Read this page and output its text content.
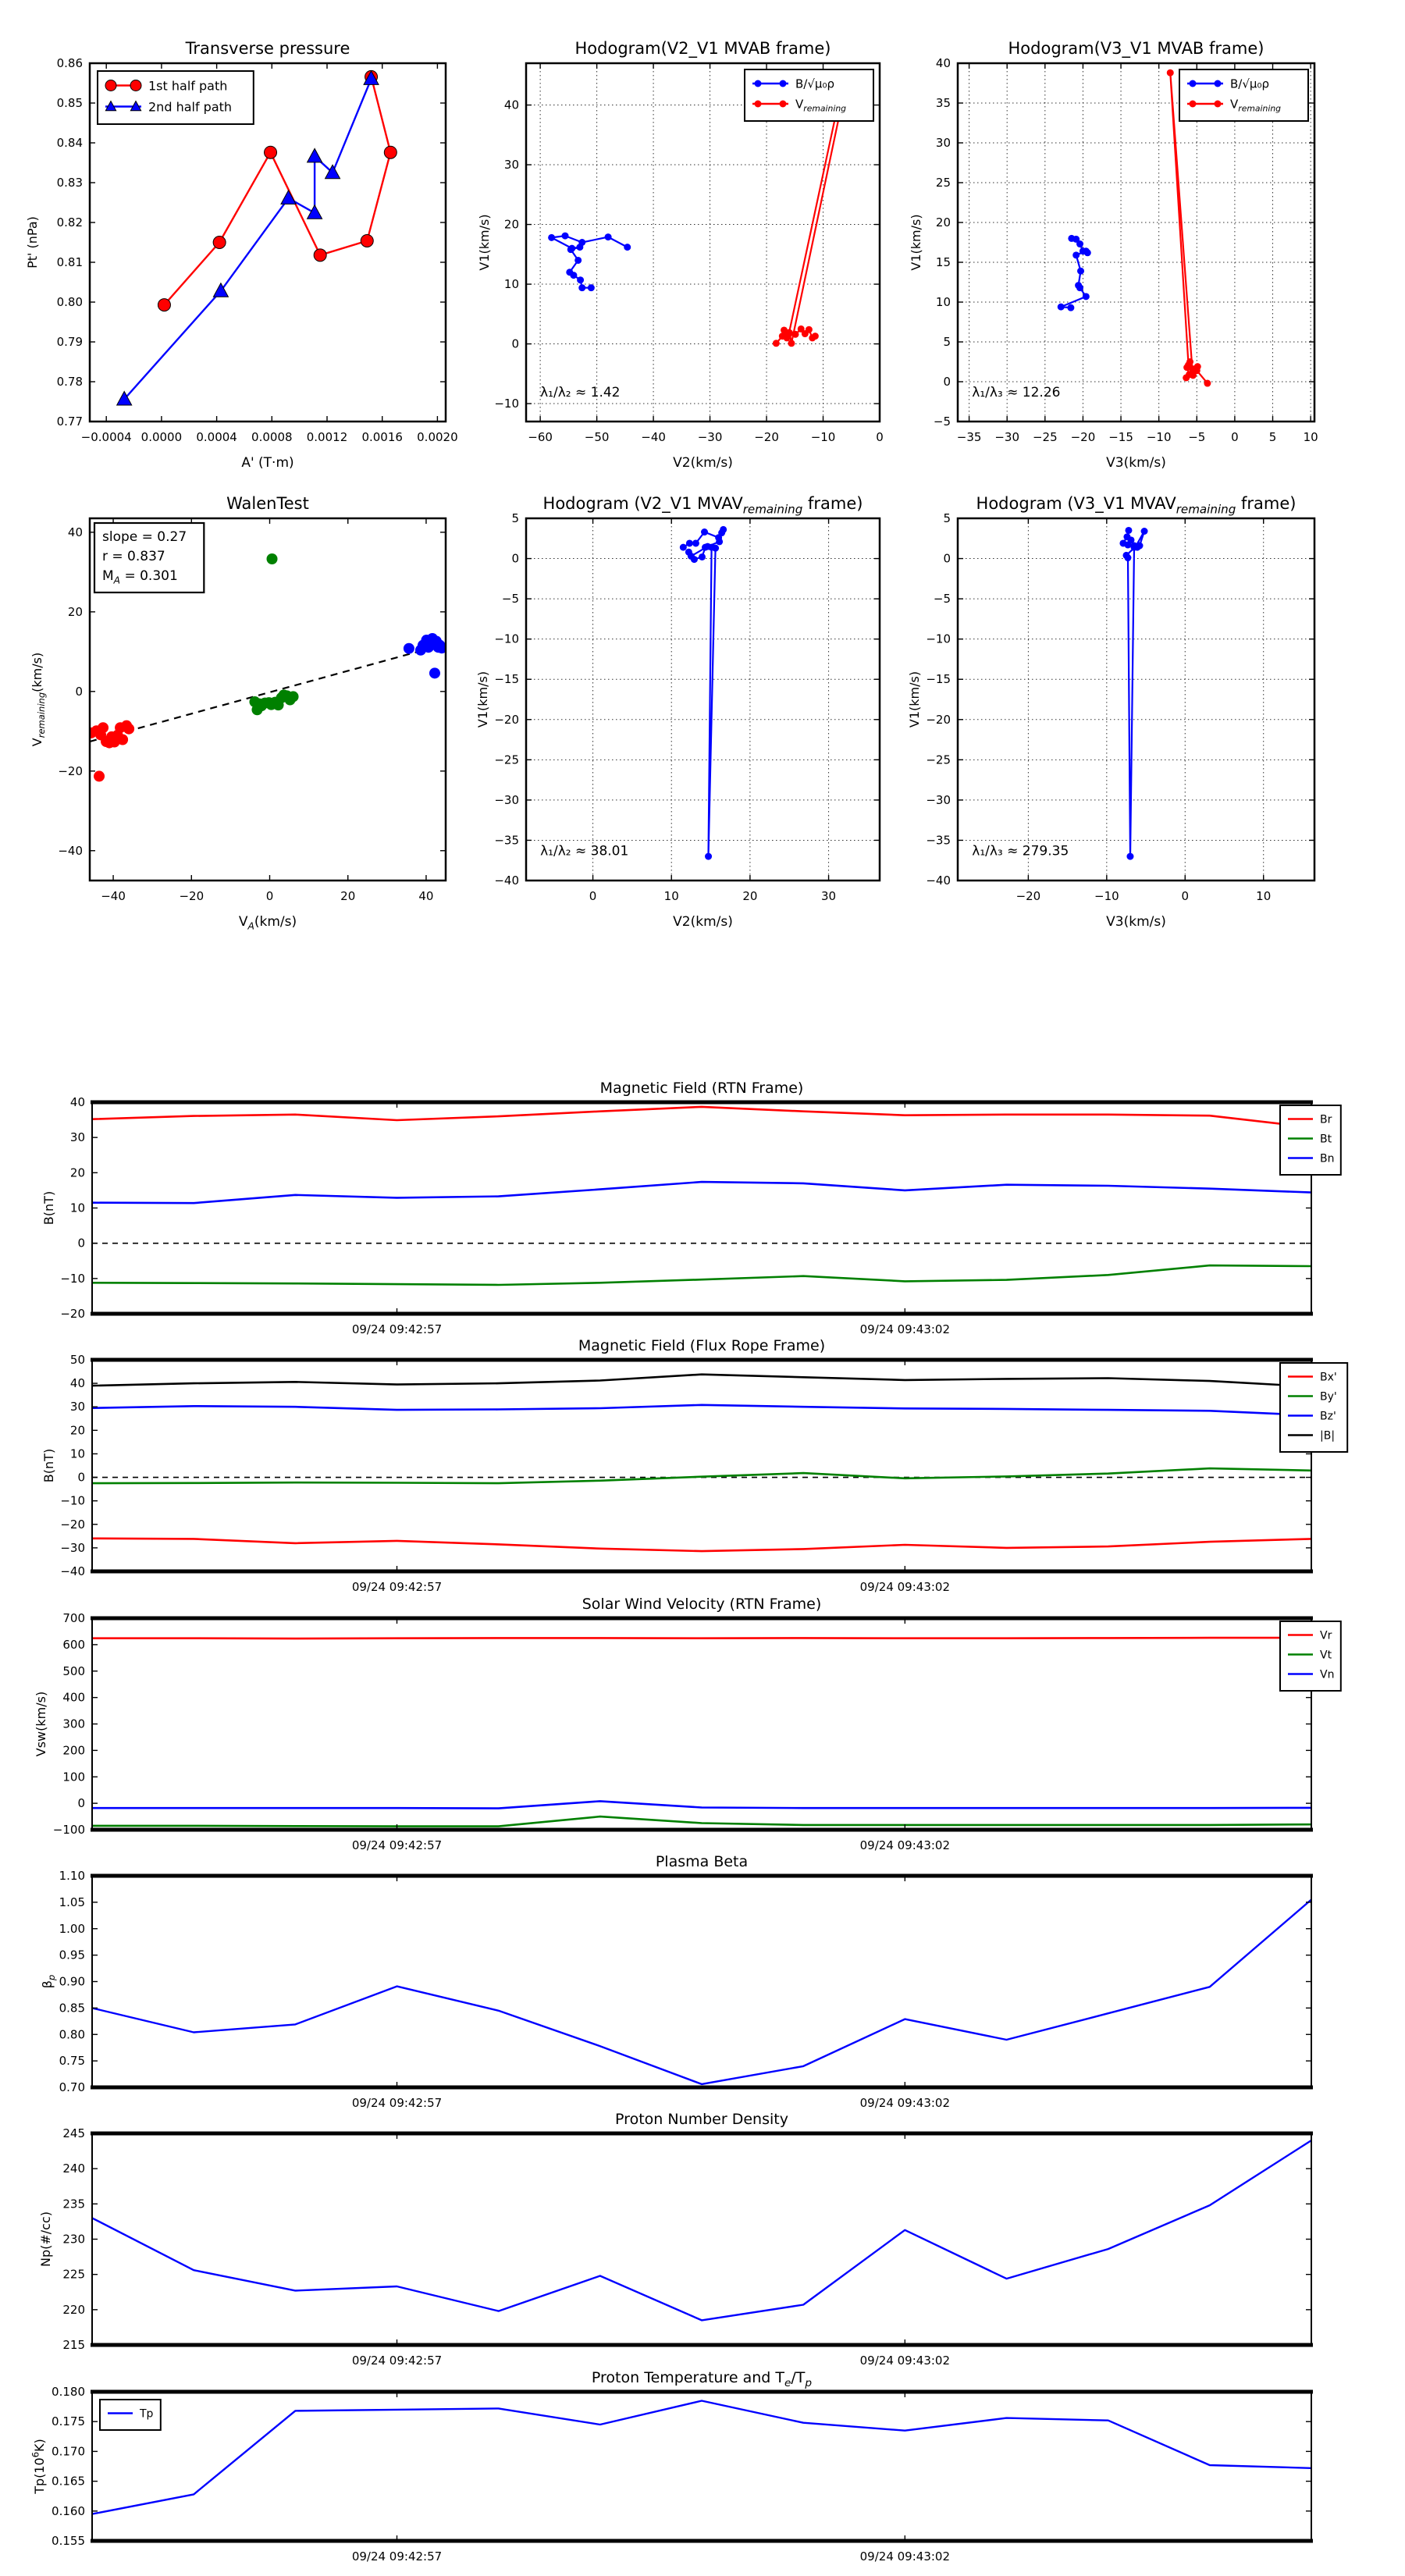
−0.0004 0.0000 0.0004 0.0008 0.0012 0.0016 0.0020
0.77
0.78
0.79
0.80
0.81
0.82
0.83
0.84
0.85
0.86
Transverse pressure
A' (T·m)
Pt' (nPa)
1st half path
2nd half path
−60	−50	−40	−30	−20	−10	0
−10
0
10
20
30
40
Hodogram(V2_V1 MVAB frame)
V2(km/s)
V1(km/s)
B/√μ₀ρ
$V_{remaining}$
λ₁/λ₂ ≈ 1.42
−35 −30 −25 −20 −15 −10 −5 0	5 10
−5
0
5
10
15
20
25
30
35
40
Hodogram(V3_V1 MVAB frame)
V3(km/s)
V1(km/s)
B/√μ₀ρ
$V_{remaining}$
λ₁/λ₃ ≈ 12.26
−40	−20	0	20	40
−40
−20
0
20
40
WalenTest
$V_A(km/s)$
$V_{remaining}(km/s)$
slope = 0.27
r = 0.837
$M_A = 0.301$
0	10	20	30
−40
−35
−30
−25
−20
−15
−10
−5
0
5
Hodogram (V2_V1 $MVAV_{remaining}$ frame)
V2(km/s)
V1(km/s)
λ₁/λ₂ ≈ 38.01
−20	−10	0	10
−40
−35
−30
−25
−20
−15
−10
−5
0
5
Hodogram (V3_V1 $MVAV_{remaining}$ frame)
V3(km/s)
V1(km/s)
λ₁/λ₃ ≈ 279.35
09/24 09:42:57	09/24 09:43:02
−20
−10
0
10
20
30
40
Magnetic Field (RTN Frame)
B(nT)
Br
Bt
Bn
09/24 09:42:57	09/24 09:43:02
−40
−30
−20
−10
0
10
20
30
40
50
Magnetic Field (Flux Rope Frame)
B(nT)
Bx'
By'
Bz'
|B|
09/24 09:42:57	09/24 09:43:02
−100
0
100
200
300
400
500
600
700
Solar Wind Velocity (RTN Frame)
Vsw(km/s)
Vr
Vt
Vn
09/24 09:42:57	09/24 09:43:02
0.70
0.75
0.80
0.85
0.90
0.95
1.00
1.05
1.10
Plasma Beta
$\beta_p$
09/24 09:42:57	09/24 09:43:02
215
220
225
230
235
240
245
Proton Number Density
Np(#/cc)
09/24 09:42:57	09/24 09:43:02
0.155
0.160
0.165
0.170
0.175
0.180
Proton Temperature and $T_e/T_p$
$Tp(10^6K)$
Tp
